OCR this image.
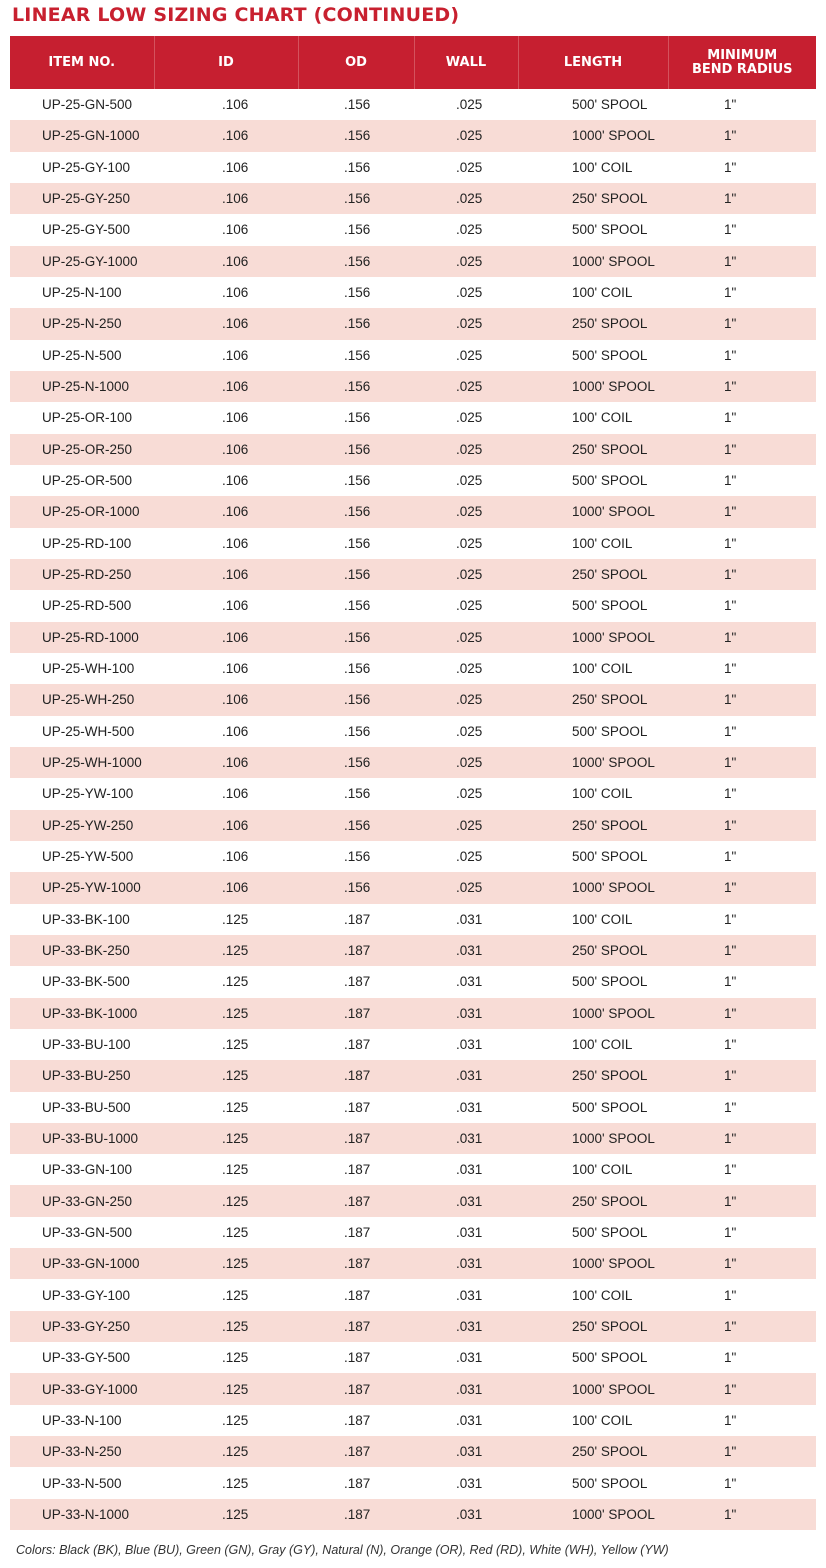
LINEAR LOW SIZING CHART (CONTINUED)
ITEM NO.	ID	OD	WALL	LENGTH	MINIMUM
BEND RADIUS
UP-25-GN-500	.106	.156	.025	500' SPOOL	1"
UP-25-GN-1000	.106	.156	.025	1000' SPOOL	1"
UP-25-GY-100	.106	.156	.025	100' COIL	1"
UP-25-GY-250	.106	.156	.025	250' SPOOL	1"
UP-25-GY-500	.106	.156	.025	500' SPOOL	1"
UP-25-GY-1000	.106	.156	.025	1000' SPOOL	1"
UP-25-N-100	.106	.156	.025	100' COIL	1"
UP-25-N-250	.106	.156	.025	250' SPOOL	1"
UP-25-N-500	.106	.156	.025	500' SPOOL	1"
UP-25-N-1000	.106	.156	.025	1000' SPOOL	1"
UP-25-OR-100	.106	.156	.025	100' COIL	1"
UP-25-OR-250	.106	.156	.025	250' SPOOL	1"
UP-25-OR-500	.106	.156	.025	500' SPOOL	1"
UP-25-OR-1000	.106	.156	.025	1000' SPOOL	1"
UP-25-RD-100	.106	.156	.025	100' COIL	1"
UP-25-RD-250	.106	.156	.025	250' SPOOL	1"
UP-25-RD-500	.106	.156	.025	500' SPOOL	1"
UP-25-RD-1000	.106	.156	.025	1000' SPOOL	1"
UP-25-WH-100	.106	.156	.025	100' COIL	1"
UP-25-WH-250	.106	.156	.025	250' SPOOL	1"
UP-25-WH-500	.106	.156	.025	500' SPOOL	1"
UP-25-WH-1000	.106	.156	.025	1000' SPOOL	1"
UP-25-YW-100	.106	.156	.025	100' COIL	1"
UP-25-YW-250	.106	.156	.025	250' SPOOL	1"
UP-25-YW-500	.106	.156	.025	500' SPOOL	1"
UP-25-YW-1000	.106	.156	.025	1000' SPOOL	1"
UP-33-BK-100	.125	.187	.031	100' COIL	1"
UP-33-BK-250	.125	.187	.031	250' SPOOL	1"
UP-33-BK-500	.125	.187	.031	500' SPOOL	1"
UP-33-BK-1000	.125	.187	.031	1000' SPOOL	1"
UP-33-BU-100	.125	.187	.031	100' COIL	1"
UP-33-BU-250	.125	.187	.031	250' SPOOL	1"
UP-33-BU-500	.125	.187	.031	500' SPOOL	1"
UP-33-BU-1000	.125	.187	.031	1000' SPOOL	1"
UP-33-GN-100	.125	.187	.031	100' COIL	1"
UP-33-GN-250	.125	.187	.031	250' SPOOL	1"
UP-33-GN-500	.125	.187	.031	500' SPOOL	1"
UP-33-GN-1000	.125	.187	.031	1000' SPOOL	1"
UP-33-GY-100	.125	.187	.031	100' COIL	1"
UP-33-GY-250	.125	.187	.031	250' SPOOL	1"
UP-33-GY-500	.125	.187	.031	500' SPOOL	1"
UP-33-GY-1000	.125	.187	.031	1000' SPOOL	1"
UP-33-N-100	.125	.187	.031	100' COIL	1"
UP-33-N-250	.125	.187	.031	250' SPOOL	1"
UP-33-N-500	.125	.187	.031	500' SPOOL	1"
UP-33-N-1000	.125	.187	.031	1000' SPOOL	1"
Colors: Black (BK), Blue (BU), Green (GN), Gray (GY), Natural (N), Orange (OR), Red (RD), White (WH), Yellow (YW)
